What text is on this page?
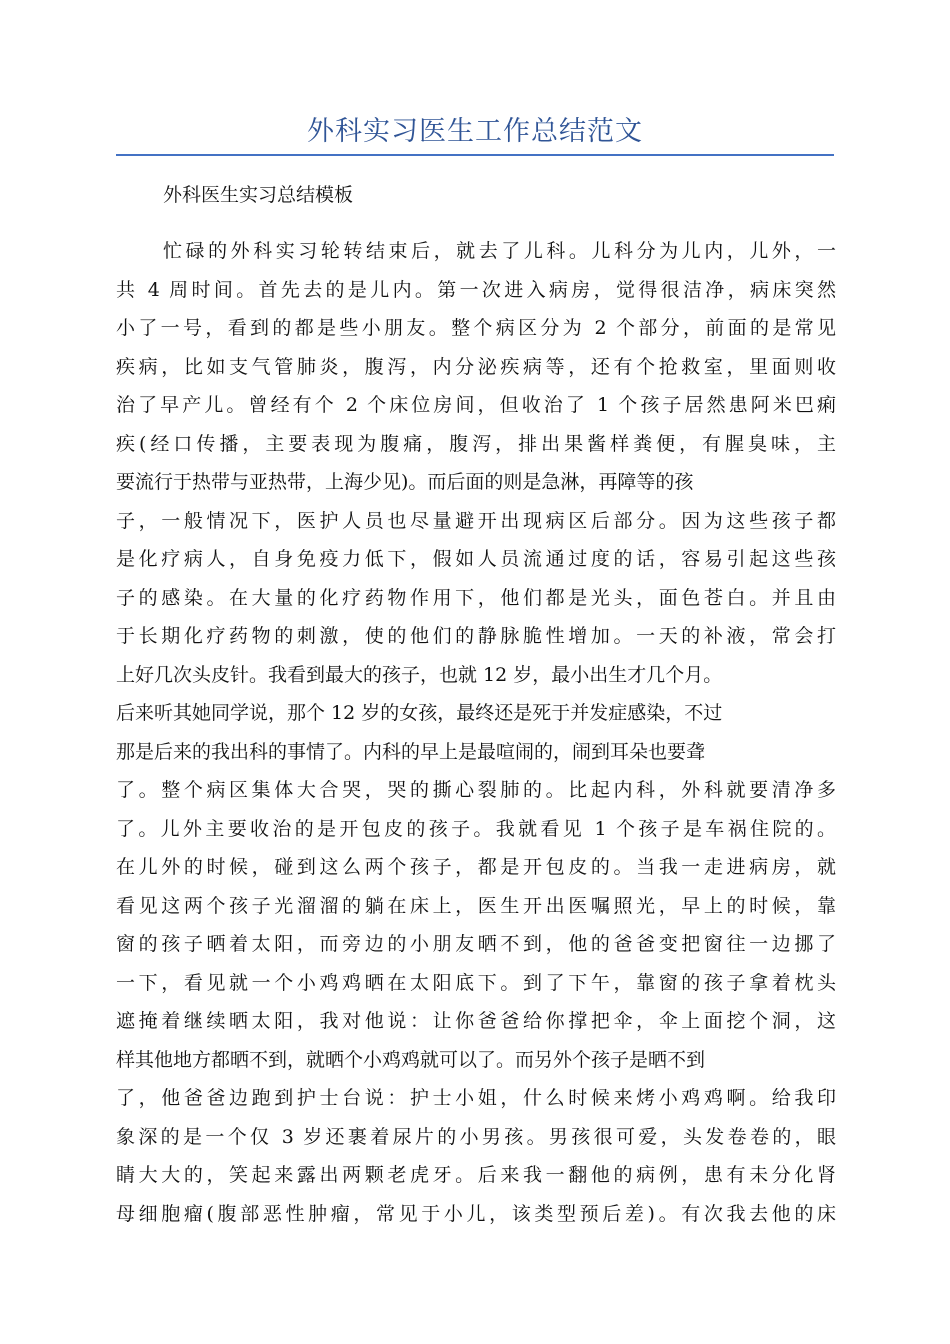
外科实习医生工作总结范文

外科医生实习总结模板

忙碌的外科实习轮转结束后，就去了儿科。儿科分为儿内，儿外，一
共 4 周时间。首先去的是儿内。第一次进入病房，觉得很洁净，病床突然
小了一号，看到的都是些小朋友。整个病区分为 2 个部分，前面的是常见
疾病，比如支气管肺炎，腹泻，内分泌疾病等，还有个抢救室，里面则收
治了早产儿。曾经有个 2 个床位房间，但收治了 1 个孩子居然患阿米巴痢
疾(经口传播，主要表现为腹痛，腹泻，排出果酱样粪便，有腥臭味，主
要流行于热带与亚热带，上海少见)。而后面的则是急淋，再障等的孩
子，一般情况下，医护人员也尽量避开出现病区后部分。因为这些孩子都
是化疗病人，自身免疫力低下，假如人员流通过度的话，容易引起这些孩
子的感染。在大量的化疗药物作用下，他们都是光头，面色苍白。并且由
于长期化疗药物的刺激，使的他们的静脉脆性增加。一天的补液，常会打
上好几次头皮针。我看到最大的孩子，也就 12 岁，最小出生才几个月。
后来听其她同学说，那个 12 岁的女孩，最终还是死于并发症感染，不过
那是后来的我出科的事情了。内科的早上是最喧闹的，闹到耳朵也要聋
了。整个病区集体大合哭，哭的撕心裂肺的。比起内科，外科就要清净多
了。儿外主要收治的是开包皮的孩子。我就看见 1 个孩子是车祸住院的。
在儿外的时候，碰到这么两个孩子，都是开包皮的。当我一走进病房，就
看见这两个孩子光溜溜的躺在床上，医生开出医嘱照光，早上的时候，靠
窗的孩子晒着太阳，而旁边的小朋友晒不到，他的爸爸变把窗往一边挪了
一下，看见就一个小鸡鸡晒在太阳底下。到了下午，靠窗的孩子拿着枕头
遮掩着继续晒太阳，我对他说：让你爸爸给你撑把伞，伞上面挖个洞，这
样其他地方都晒不到，就晒个小鸡鸡就可以了。而另外个孩子是晒不到
了，他爸爸边跑到护士台说：护士小姐，什么时候来烤小鸡鸡啊。给我印
象深的是一个仅 3 岁还裹着尿片的小男孩。男孩很可爱，头发卷卷的，眼
睛大大的，笑起来露出两颗老虎牙。后来我一翻他的病例，患有未分化肾
母细胞瘤(腹部恶性肿瘤，常见于小儿，该类型预后差)。有次我去他的床
